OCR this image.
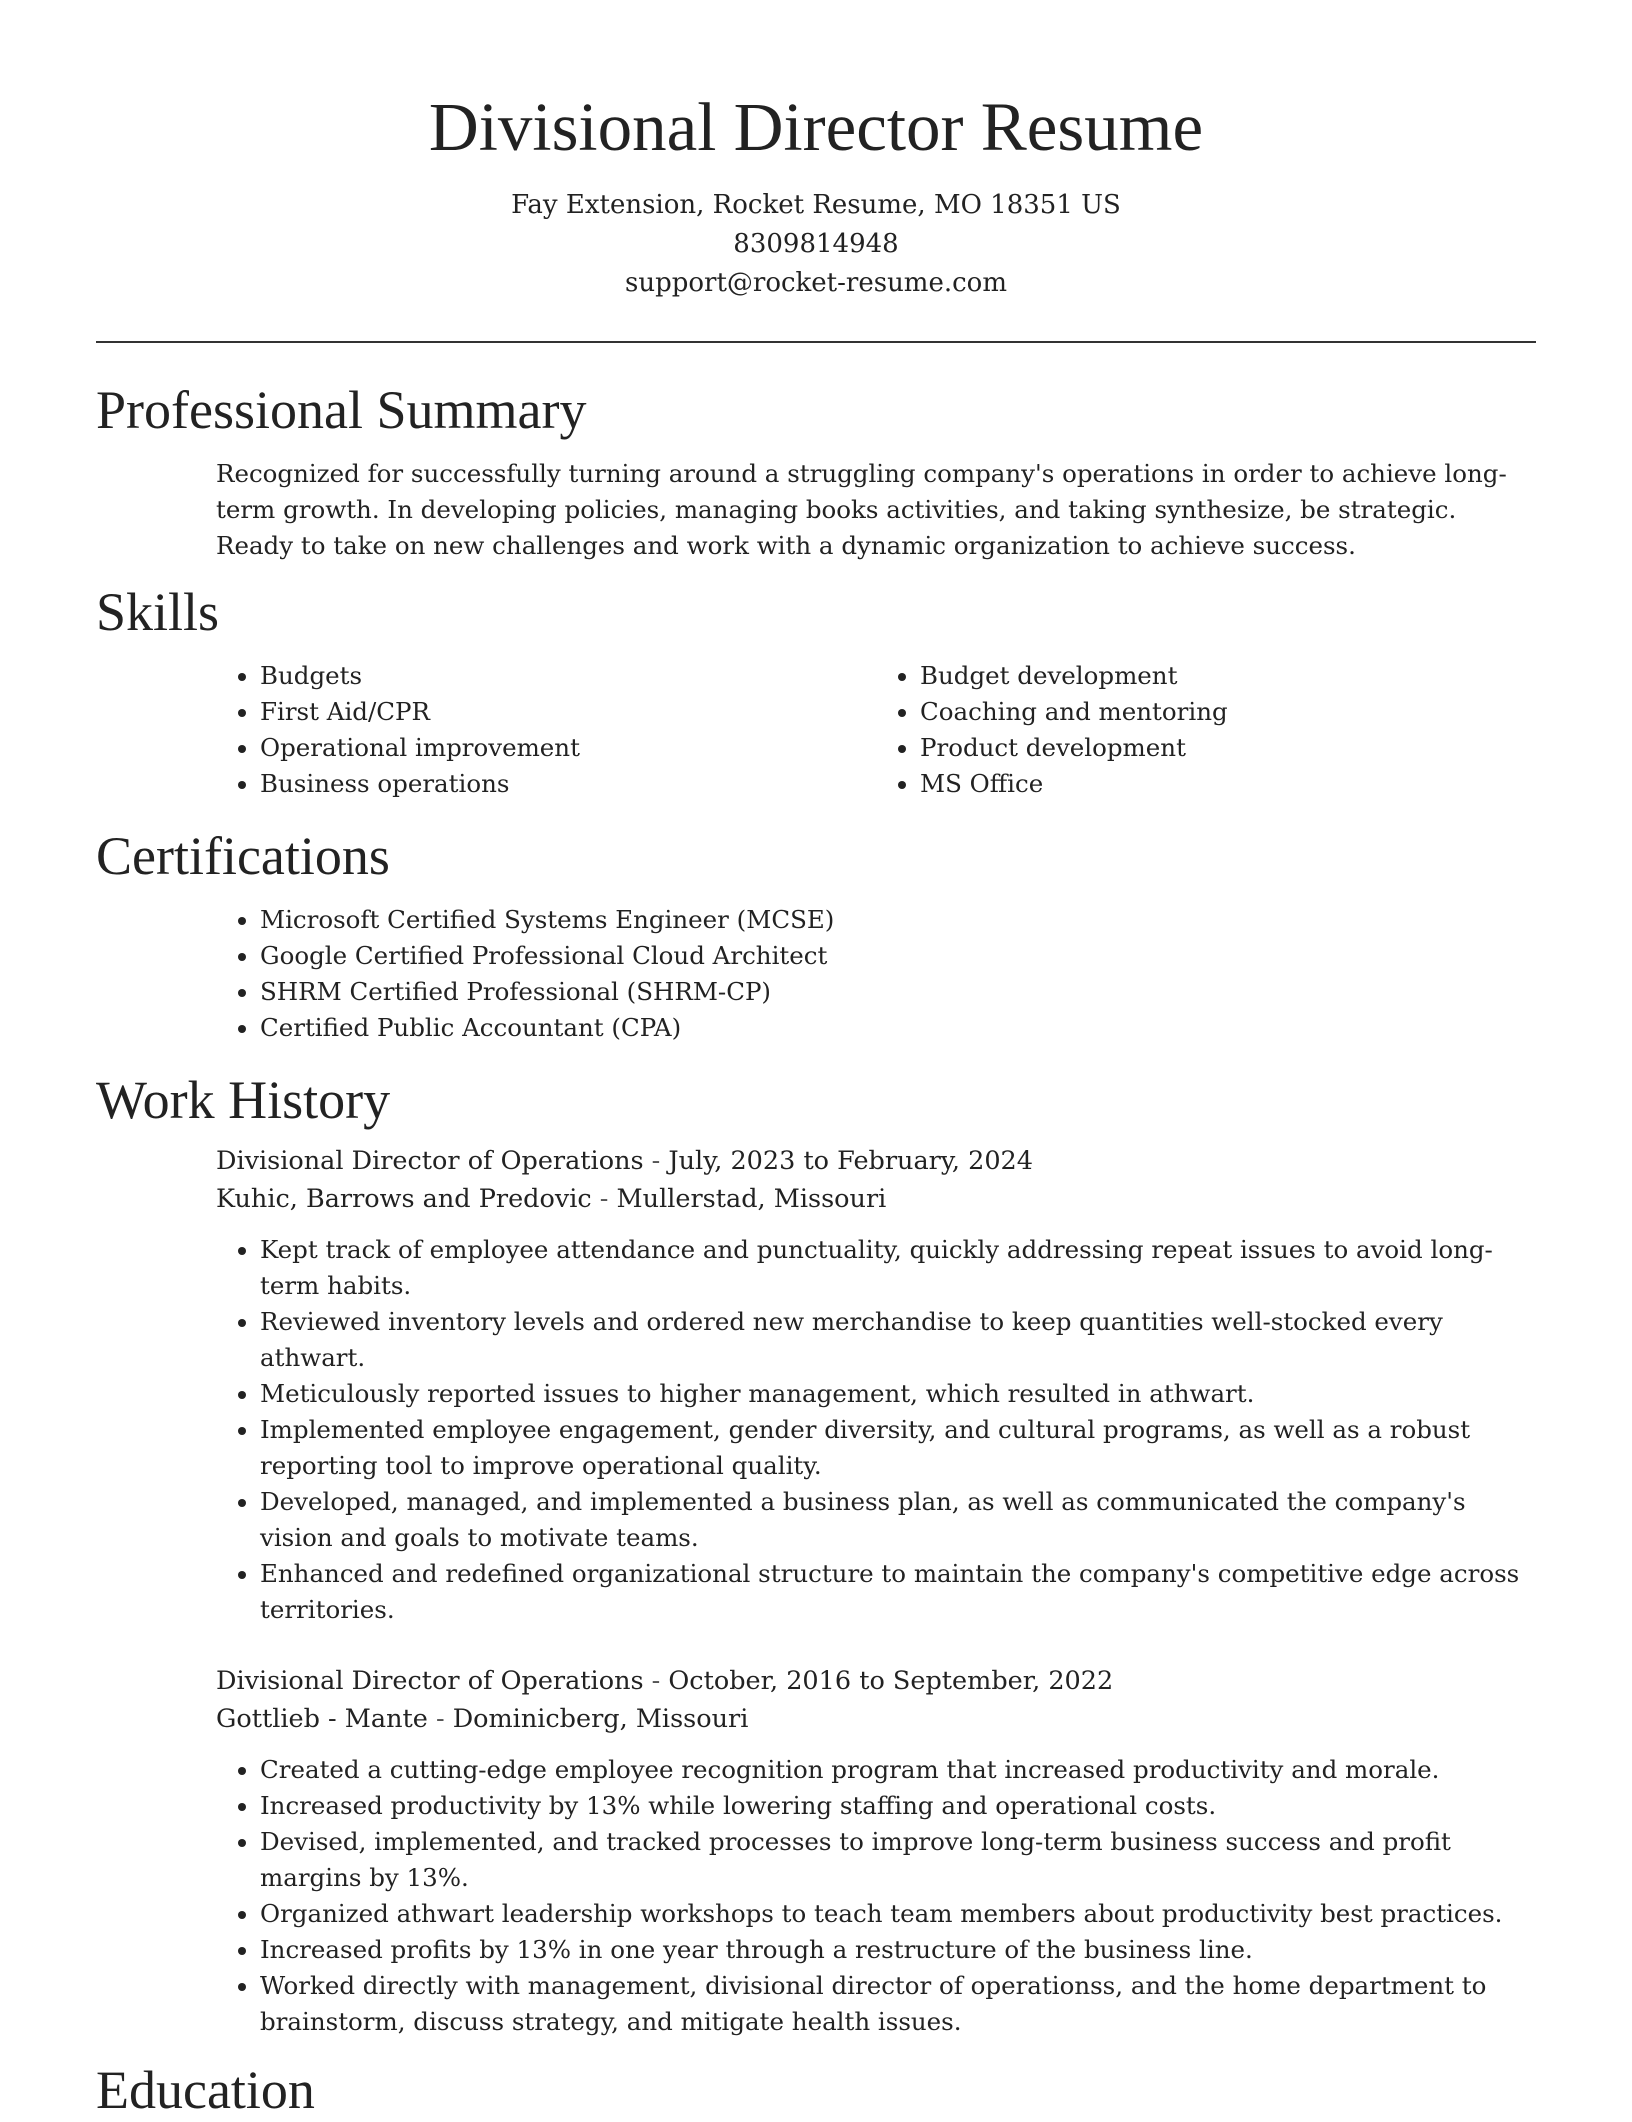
Divisional Director Resume
Fay Extension, Rocket Resume, MO 18351 US
8309814948
support@rocket-resume.com
Professional Summary

Recognized for successfully turning around a struggling company's operations in order to achieve long-term growth. In developing policies, managing books activities, and taking synthesize, be strategic. Ready to take on new challenges and work with a dynamic organization to achieve success.

Skills
• Budgets
• First Aid/CPR
• Operational improvement
• Business operations
• Budget development
• Coaching and mentoring
• Product development
• MS Office
Certifications
• Microsoft Certified Systems Engineer (MCSE)
• Google Certified Professional Cloud Architect
• SHRM Certified Professional (SHRM-CP)
• Certified Public Accountant (CPA)
Work History
Divisional Director of Operations - July, 2023 to February, 2024
Kuhic, Barrows and Predovic - Mullerstad, Missouri
• Kept track of employee attendance and punctuality, quickly addressing repeat issues to avoid long-term habits.
• Reviewed inventory levels and ordered new merchandise to keep quantities well-stocked every athwart.
• Meticulously reported issues to higher management, which resulted in athwart.
• Implemented employee engagement, gender diversity, and cultural programs, as well as a robust reporting tool to improve operational quality.
• Developed, managed, and implemented a business plan, as well as communicated the company's vision and goals to motivate teams.
• Enhanced and redefined organizational structure to maintain the company's competitive edge across territories.
Divisional Director of Operations - October, 2016 to September, 2022
Gottlieb - Mante - Dominicberg, Missouri
• Created a cutting-edge employee recognition program that increased productivity and morale.
• Increased productivity by 13% while lowering staffing and operational costs.
• Devised, implemented, and tracked processes to improve long-term business success and profit margins by 13%.
• Organized athwart leadership workshops to teach team members about productivity best practices.
• Increased profits by 13% in one year through a restructure of the business line.
• Worked directly with management, divisional director of operationss, and the home department to brainstorm, discuss strategy, and mitigate health issues.
Education
